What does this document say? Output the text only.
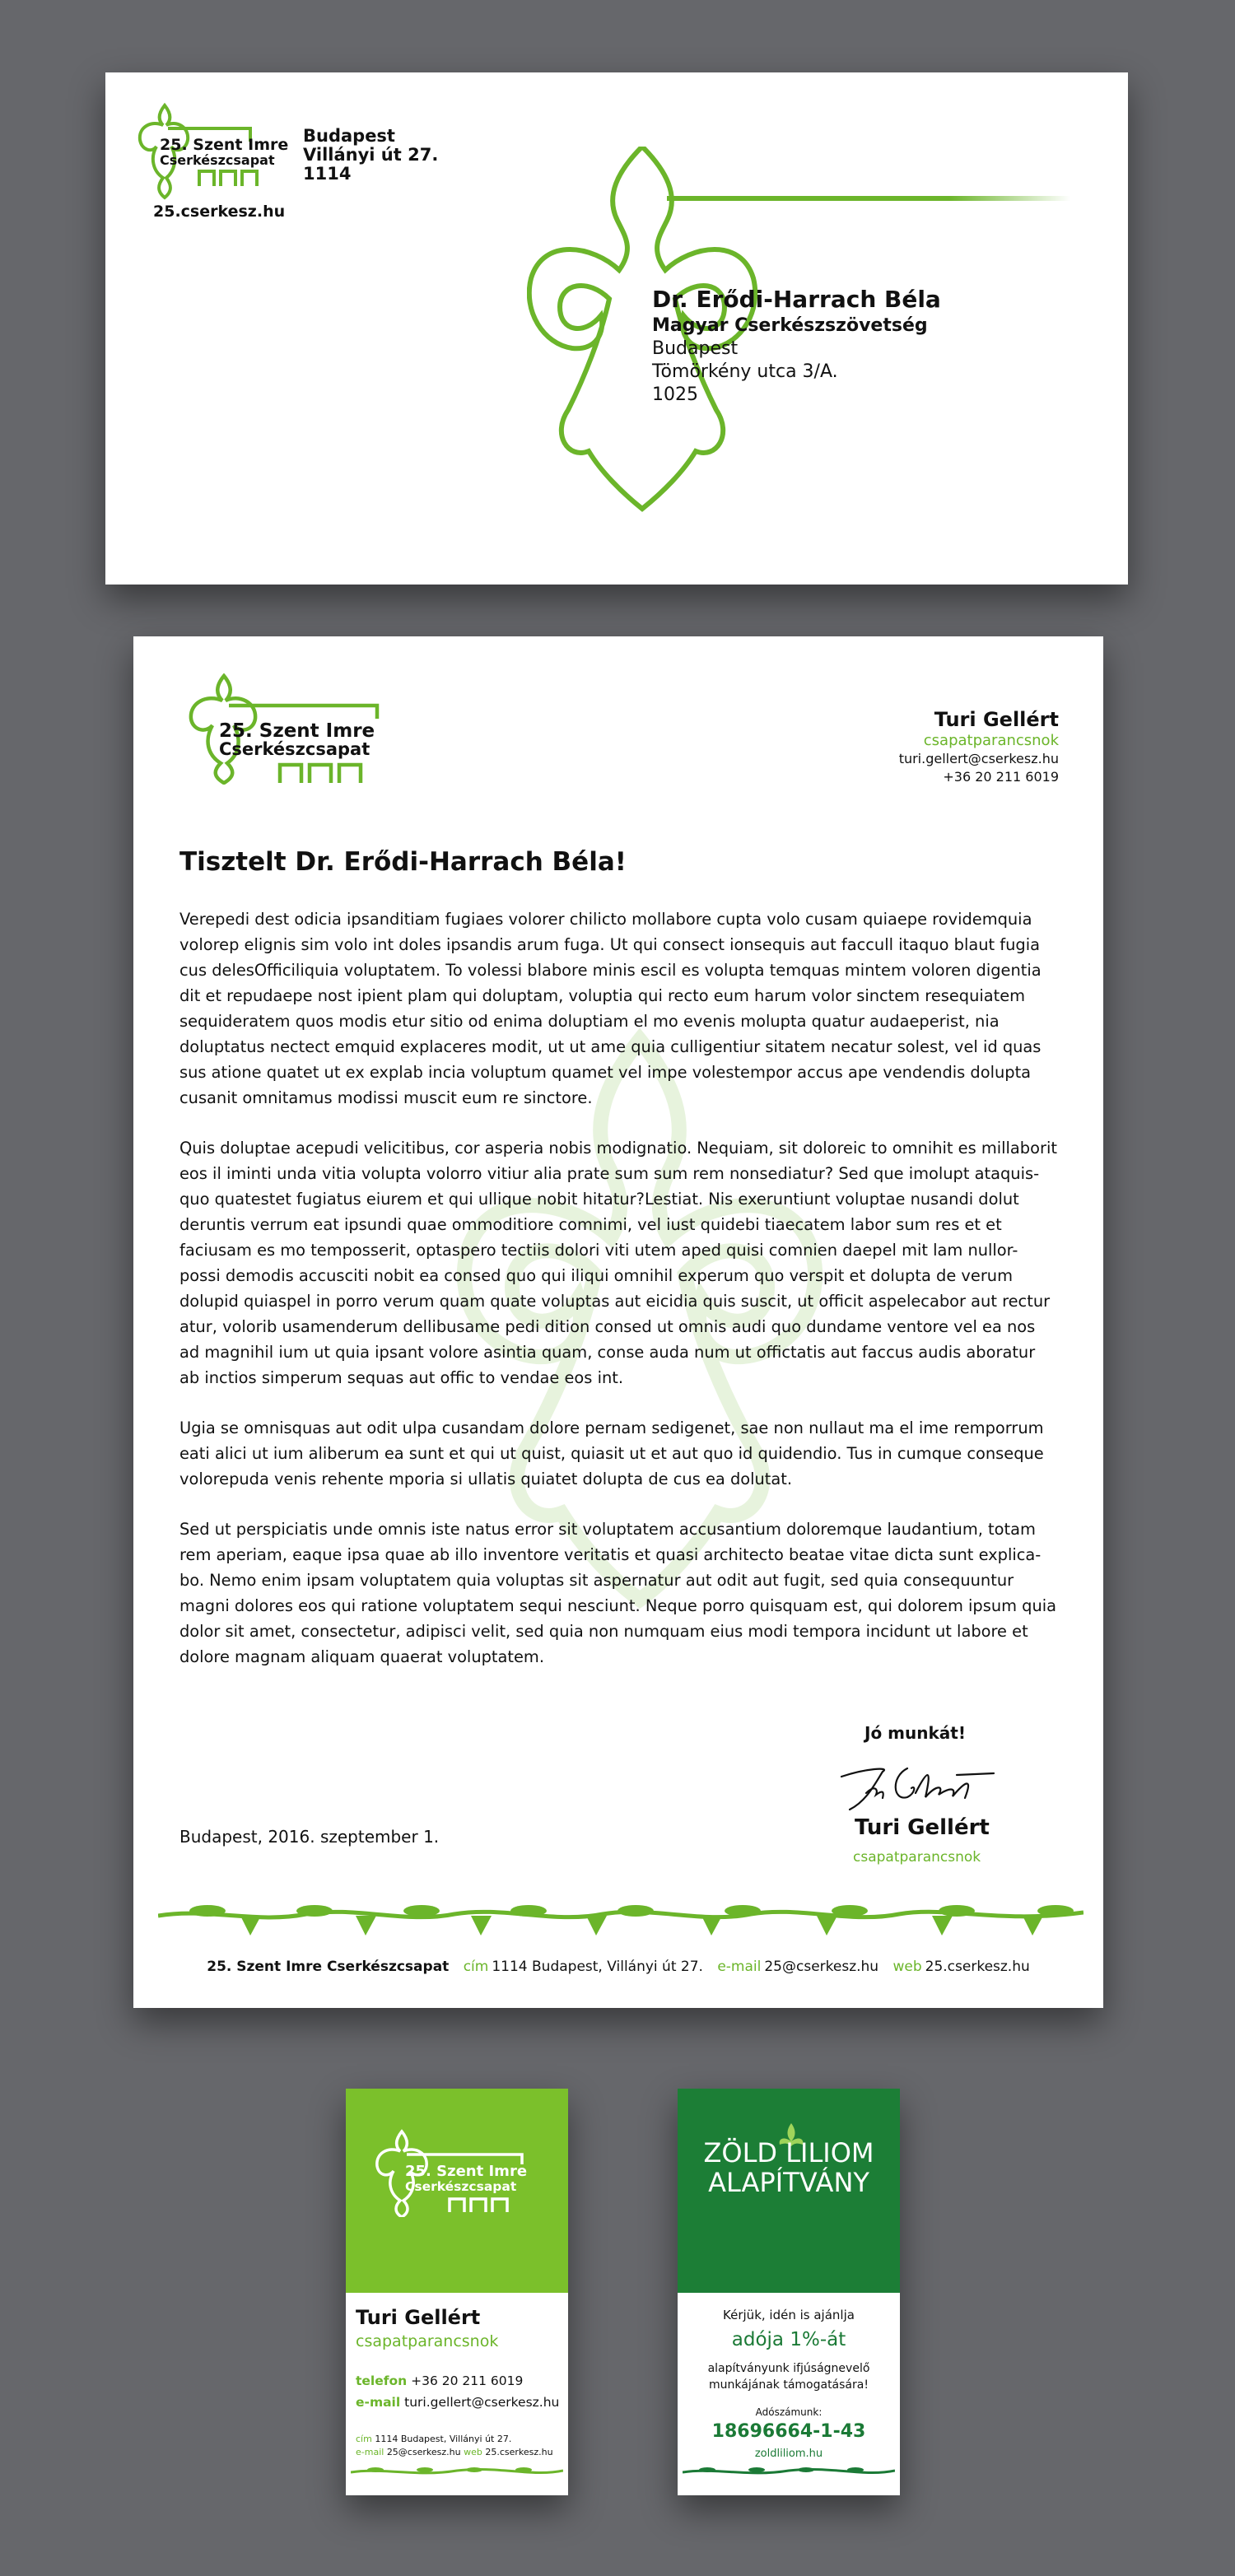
25. Szent Imre
Cserkészcsapat
25.cserkesz.hu
Budapest
Villányi út 27.
1114
Dr. Erődi-Harrach Béla
Magyar Cserkészszövetség
Budapest
Tömörkény utca 3/A.
1025
25. Szent Imre
Cserkészcsapat
Turi Gellért
csapatparancsnok
turi.gellert@cserkesz.hu
+36 20 211 6019
Tisztelt Dr. Erődi-Harrach Béla!

Verepedi dest odicia ipsanditiam fugiaes volorer chilicto mollabore cupta volo cusam quiaepe rovidemquia volorep elignis sim volo int doles ipsandis arum fuga. Ut qui consect ionsequis aut faccull itaquo blaut fugia cus delesOfficiliquia voluptatem. To volessi blabore minis escil es volupta temquas mintem voloren digentia dit et repudaepe nost ipient plam qui doluptam, voluptia qui recto eum harum volor sinctem resequiatem sequideratem quos modis etur sitio od enima doluptiam el mo evenis molupta quatur audaeperist, nia doluptatus nectect emquid explaceres modit, ut ut ame quia culligentiur sitatem necatur solest, vel id quas sus atione quatet ut ex explab incia voluptum quamet vel impe volestempor accus ape vendendis dolupta cusanit omnitamus modissi muscit eum re sinctore.

Quis doluptae acepudi velicitibus, cor asperia nobis modignatio. Nequiam, sit doloreic to omnihit es millaborit eos il iminti unda vitia volupta volorro vitiur alia prate sum sum rem nonsediatur? Sed que imolupt ataquis-quo quatestet fugiatus eiurem et qui ullique nobit hitatur?Lestiat. Nis exeruntiunt voluptae nusandi dolut deruntis verrum eat ipsundi quae ommoditiore comnimi, vel iust quidebi tiaecatem labor sum res et et faciusam es mo temposserit, optaspero tectiis dolori viti utem aped quisi comnien daepel mit lam nullor-possi demodis accusciti nobit ea consed quo qui iliqui omnihil experum quo verspit et dolupta de verum dolupid quiaspel in porro verum quam quate voluptas aut eicidia quis suscit, ut officit aspelecabor aut rectur atur, volorib usamenderum dellibusame pedi dition consed ut omnis audi quo dundame ventore vel ea nos ad magnihil ium ut quia ipsant volore asintia quam, conse auda num ut offictatis aut faccus audis aboratur ab inctios simperum sequas aut offic to vendae eos int.

Ugia se omnisquas aut odit ulpa cusandam dolore pernam sedigenet, sae non nullaut ma el ime remporrum eati alici ut ium aliberum ea sunt et qui ut quist, quiasit ut et aut quo id quidendio. Tus in cumque conseque volorepuda venis rehente mporia si ullatis quiatet dolupta de cus ea dolutat.

Sed ut perspiciatis unde omnis iste natus error sit voluptatem accusantium doloremque laudantium, totam rem aperiam, eaque ipsa quae ab illo inventore veritatis et quasi architecto beatae vitae dicta sunt explica-bo. Nemo enim ipsam voluptatem quia voluptas sit aspernatur aut odit aut fugit, sed quia consequuntur magni dolores eos qui ratione voluptatem sequi nesciunt. Neque porro quisquam est, qui dolorem ipsum quia dolor sit amet, consectetur, adipisci velit, sed quia non numquam eius modi tempora incidunt ut labore et dolore magnam aliquam quaerat voluptatem.

Jó munkát!
Turi Gellért
csapatparancsnok
Budapest, 2016. szeptember 1.
25. Szent Imre Cserkészcsapat cím 1114 Budapest, Villányi út 27. e-mail 25@cserkesz.hu web 25.cserkesz.hu
25. Szent Imre
Cserkészcsapat
Turi Gellért
csapatparancsnok
telefon +36 20 211 6019
e-mail turi.gellert@cserkesz.hu
cím 1114 Budapest, Villányi út 27.
e-mail 25@cserkesz.hu web 25.cserkesz.hu
ZÖLD LILIOM
ALAPÍTVÁNY
Kérjük, idén is ajánlja
adója 1%-át
alapítványunk ifjúságnevelő
munkájának támogatására!
Adószámunk:
18696664-1-43
zoldliliom.hu
